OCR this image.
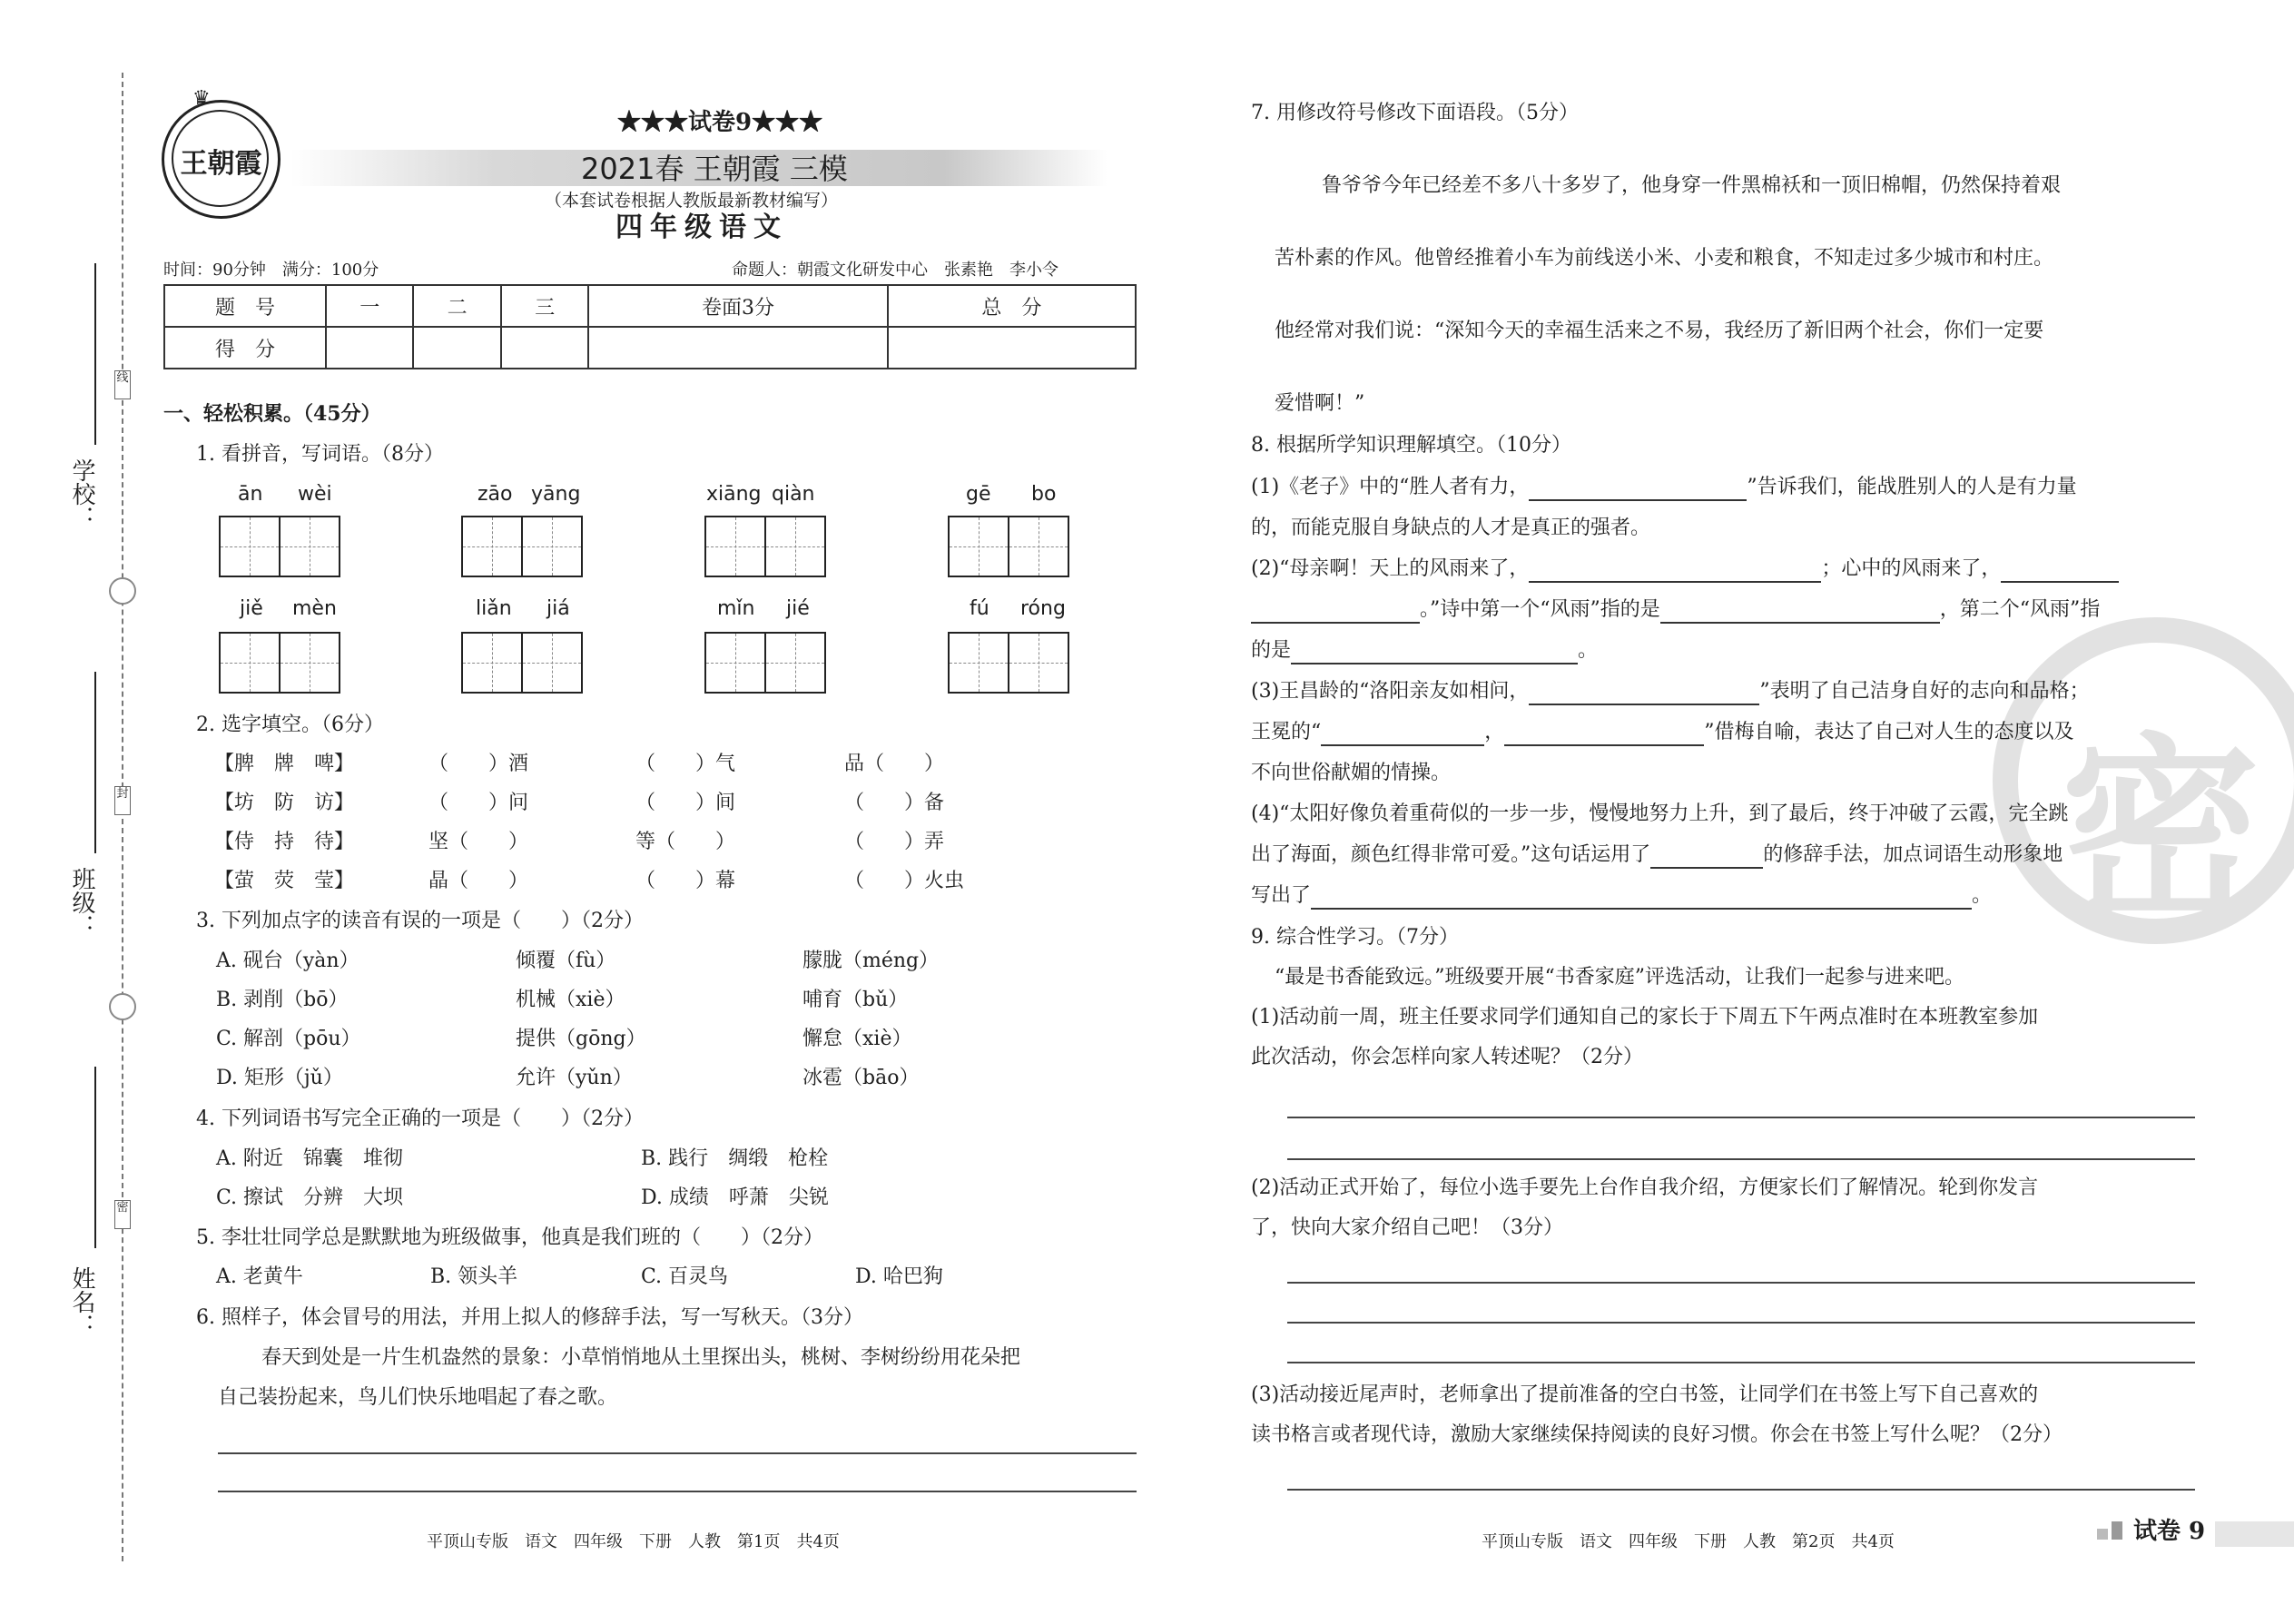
线
封
密
学校：
班级：
姓名：
王朝霞
♛
★★★试卷9★★★
2021春 王朝霞 三模
（本套试卷根据人教版最新教材编写）
四年级语文
时间：90分钟　满分：100分	命题人：朝霞文化研发中心　张素艳　李小令
题　号	一	二	三	卷面3分	总　分
得　分					
一、轻松积累。（45分）
1. 看拼音，写词语。（8分）
ān wèi	zāo yāng	xiāng qiàn	gē bo
jiě mèn	liǎn jiá	mǐn jié	fú róng
2. 选字填空。（6分）
【脾　牌　啤】	（　　）酒	（　　）气	品（　　）
【坊　防　访】	（　　）问	（　　）间	（　　）备
【侍　持　待】	坚（　　）	等（　　）	（　　）弄
【萤　荧　莹】	晶（　　）	（　　）幕	（　　）火虫
3. 下列加点字的读音有误的一项是（　　）（2分）
A. 砚台（yàn）	倾覆（fù）	朦胧（méng）
B. 剥削（bō）	机械（xiè）	哺育（bǔ）
C. 解剖（pōu）	提供（gōng）	懈怠（xiè）
D. 矩形（jǔ）	允许（yǔn）	冰雹（bāo）
4. 下列词语书写完全正确的一项是（　　）（2分）
A. 附近　锦囊　堆彻	B. 践行　绸缎　枪栓
C. 擦试　分辨　大坝	D. 成绩　呼萧　尖锐
5. 李壮壮同学总是默默地为班级做事，他真是我们班的（　　）（2分）
A. 老黄牛	B. 领头羊	C. 百灵鸟	D. 哈巴狗
6. 照样子，体会冒号的用法，并用上拟人的修辞手法，写一写秋天。（3分）
春天到处是一片生机盎然的景象：小草悄悄地从土里探出头，桃树、李树纷纷用花朵把
自己装扮起来，鸟儿们快乐地唱起了春之歌。
平顶山专版　语文　四年级　下册　人教　第1页　共4页
密
7. 用修改符号修改下面语段。（5分）
鲁爷爷今年已经差不多八十多岁了，他身穿一件黑棉袄和一顶旧棉帽，仍然保持着艰
苦朴素的作风。他曾经推着小车为前线送小米、小麦和粮食，不知走过多少城市和村庄。
他经常对我们说：“深知今天的幸福生活来之不易，我经历了新旧两个社会，你们一定要
爱惜啊！”
8. 根据所学知识理解填空。（10分）
(1)《老子》中的“胜人者有力，	”告诉我们，能战胜别人的人是有力量
的，而能克服自身缺点的人才是真正的强者。
(2)“母亲啊！天上的风雨来了，	；心中的风雨来了，
。”诗中第一个“风雨”指的是	，第二个“风雨”指
的是	。
(3)王昌龄的“洛阳亲友如相问，	”表明了自己洁身自好的志向和品格；
王冕的“	，	”借梅自喻，表达了自己对人生的态度以及
不向世俗献媚的情操。
(4)“太阳好像负着重荷似的一步一步，慢慢地努力上升，到了最后，终于冲破了云霞，完全跳
出了海面，颜色红得非常可爱。”这句话运用了	的修辞手法，加点词语生动形象地
写出了	。
9. 综合性学习。（7分）
“最是书香能致远。”班级要开展“书香家庭”评选活动，让我们一起参与进来吧。
(1)活动前一周，班主任要求同学们通知自己的家长于下周五下午两点准时在本班教室参加
此次活动，你会怎样向家人转述呢？（2分）
(2)活动正式开始了，每位小选手要先上台作自我介绍，方便家长们了解情况。轮到你发言
了，快向大家介绍自己吧！（3分）
(3)活动接近尾声时，老师拿出了提前准备的空白书签，让同学们在书签上写下自己喜欢的
读书格言或者现代诗，激励大家继续保持阅读的良好习惯。你会在书签上写什么呢？（2分）
平顶山专版　语文　四年级　下册　人教　第2页　共4页	试卷 9
